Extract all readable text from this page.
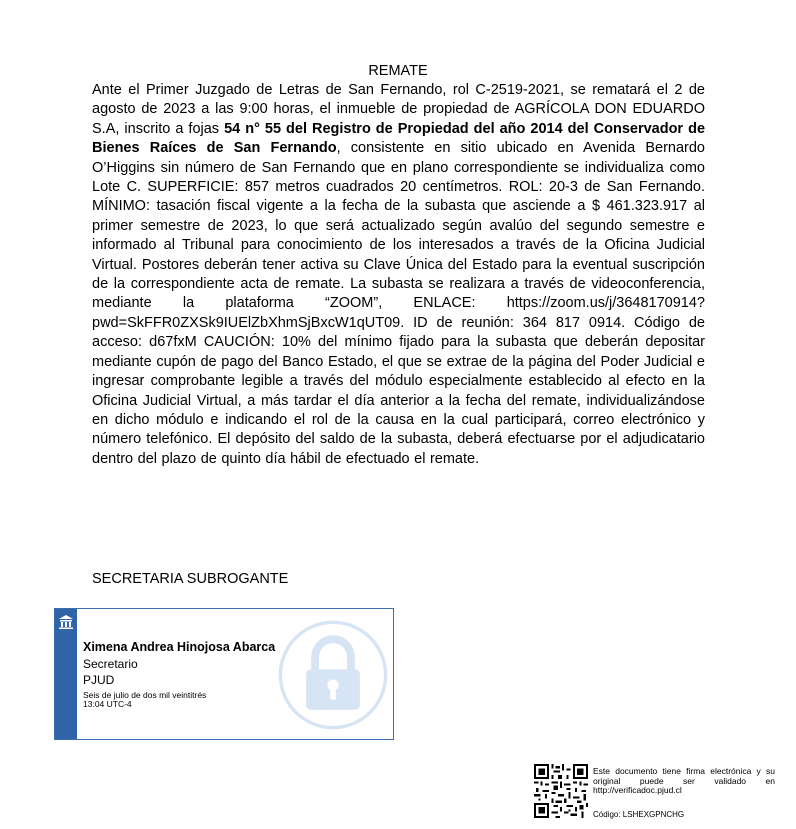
REMATE
Ante el Primer Juzgado de Letras de San Fernando, rol C-2519-2021, se rematará el 2 de agosto de 2023 a las 9:00 horas, el inmueble de propiedad de AGRÍCOLA DON EDUARDO S.A, inscrito a fojas 54 n° 55 del Registro de Propiedad del año 2014 del Conservador de Bienes Raíces de San Fernando, consistente en sitio ubicado en Avenida Bernardo O’Higgins sin número de San Fernando que en plano correspondiente se individualiza como Lote C. SUPERFICIE: 857 metros cuadrados 20 centímetros. ROL: 20-3 de San Fernando. MÍNIMO: tasación fiscal vigente a la fecha de la subasta que asciende a $ 461.323.917 al primer semestre de 2023, lo que será actualizado según avalúo del segundo semestre e informado al Tribunal para conocimiento de los interesados a través de la Oficina Judicial Virtual. Postores deberán tener activa su Clave Única del Estado para la eventual suscripción de la correspondiente acta de remate. La subasta se realizara a través de videoconferencia, mediante la plataforma “ZOOM”, ENLACE: https://zoom.us/j/3648170914?pwd=SkFFR0ZXSk9IUElZbXhmSjBxcW1qUT09. ID de reunión: 364 817 0914. Código de acceso: d67fxM CAUCIÓN: 10% del mínimo fijado para la subasta que deberán depositar mediante cupón de pago del Banco Estado, el que se extrae de la página del Poder Judicial e ingresar comprobante legible a través del módulo especialmente establecido al efecto en la Oficina Judicial Virtual, a más tardar el día anterior a la fecha del remate, individualizándose en dicho módulo e indicando el rol de la causa en la cual participará, correo electrónico y número telefónico. El depósito del saldo de la subasta, deberá efectuarse por el adjudicatario dentro del plazo de quinto día hábil de efectuado el remate.
SECRETARIA SUBROGANTE
Ximena Andrea Hinojosa Abarca
Secretario
PJUD
Seis de julio de dos mil veintitrés
13:04 UTC-4
Este documento tiene firma electrónica y su original puede ser validado en http://verificadoc.pjud.cl
Código: LSHEXGPNCHG
